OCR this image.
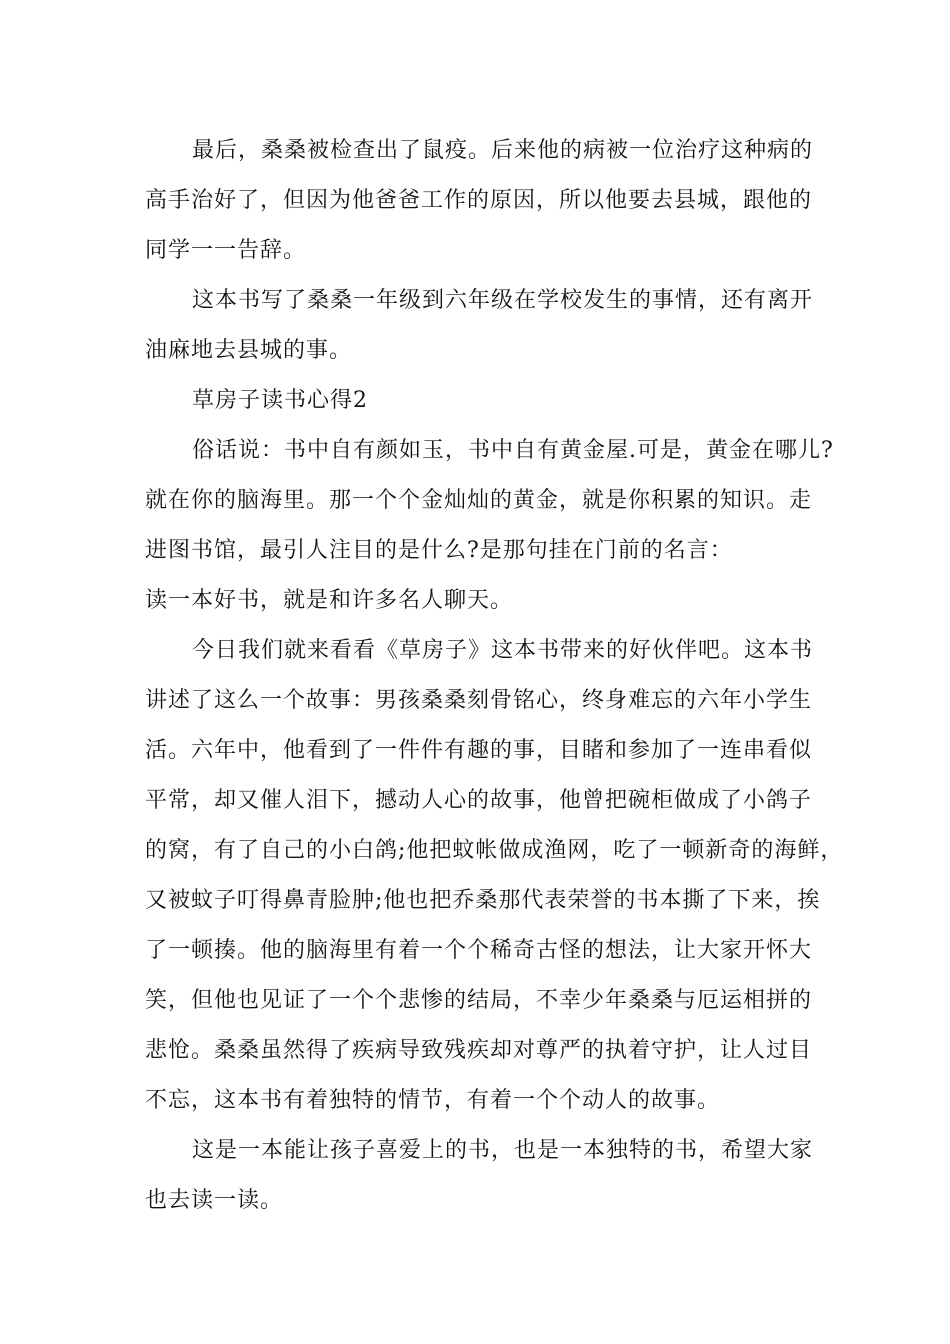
最后，桑桑被检查出了鼠疫。后来他的病被一位治疗这种病的
高手治好了，但因为他爸爸工作的原因，所以他要去县城，跟他的
同学一一告辞。
这本书写了桑桑一年级到六年级在学校发生的事情，还有离开
油麻地去县城的事。
草房子读书心得2
俗话说：书中自有颜如玉，书中自有黄金屋.可是，黄金在哪儿?
就在你的脑海里。那一个个金灿灿的黄金，就是你积累的知识。走
进图书馆，最引人注目的是什么?是那句挂在门前的名言：
读一本好书，就是和许多名人聊天。
今日我们就来看看《草房子》这本书带来的好伙伴吧。这本书
讲述了这么一个故事：男孩桑桑刻骨铭心，终身难忘的六年小学生
活。六年中，他看到了一件件有趣的事，目睹和参加了一连串看似
平常，却又催人泪下，撼动人心的故事，他曾把碗柜做成了小鸽子
的窝，有了自己的小白鸽;他把蚊帐做成渔网，吃了一顿新奇的海鲜，
又被蚊子叮得鼻青脸肿;他也把乔桑那代表荣誉的书本撕了下来，挨
了一顿揍。他的脑海里有着一个个稀奇古怪的想法，让大家开怀大
笑，但他也见证了一个个悲惨的结局，不幸少年桑桑与厄运相拼的
悲怆。桑桑虽然得了疾病导致残疾却对尊严的执着守护，让人过目
不忘，这本书有着独特的情节，有着一个个动人的故事。
这是一本能让孩子喜爱上的书，也是一本独特的书，希望大家
也去读一读。
